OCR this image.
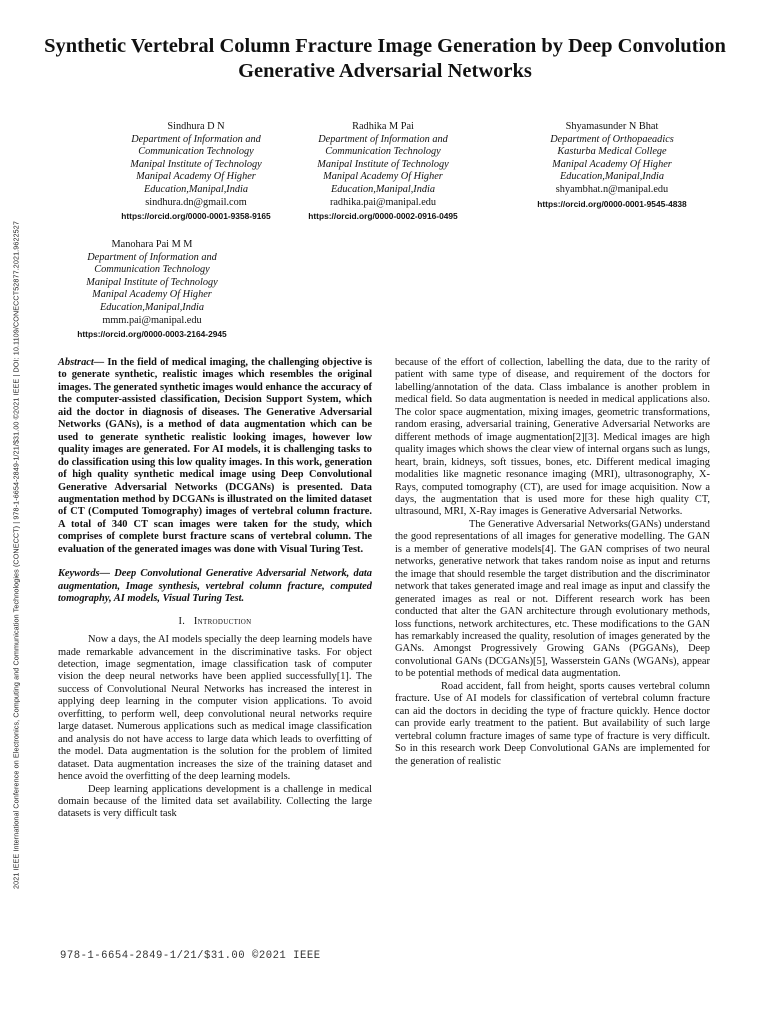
2021 IEEE International Conference on Electronics, Computing and Communication Technologies (CONECCT) | 978-1-6654-2849-1/21/$31.00 ©2021 IEEE | DOI: 10.1109/CONECCT52877.2021.9622527
Synthetic Vertebral Column Fracture Image Generation by Deep Convolution Generative Adversarial Networks
Sindhura D N
Department of Information and
Communication Technology
Manipal Institute of Technology
Manipal Academy Of Higher
Education,Manipal,India
sindhura.dn@gmail.com
https://orcid.org/0000-0001-9358-9165
Radhika M Pai
Department of Information and
Communication Technology
Manipal Institute of Technology
Manipal Academy Of Higher
Education,Manipal,India
radhika.pai@manipal.edu
https://orcid.org/0000-0002-0916-0495
Shyamasunder N Bhat
Department of Orthopaeadics
Kasturba Medical College
Manipal Academy Of Higher
Education,Manipal,India
shyambhat.n@manipal.edu
https://orcid.org/0000-0001-9545-4838
Manohara Pai M M
Department of Information and
Communication Technology
Manipal Institute of Technology
Manipal Academy Of Higher
Education,Manipal,India
mmm.pai@manipal.edu
https://orcid.org/0000-0003-2164-2945

Abstract— In the field of medical imaging, the challenging objective is to generate synthetic, realistic images which resembles the original images. The generated synthetic images would enhance the accuracy of the computer-assisted classification, Decision Support System, which aid the doctor in diagnosis of diseases. The Generative Adversarial Networks (GANs), is a method of data augmentation which can be used to generate synthetic realistic looking images, however low quality images are generated. For AI models, it is challenging tasks to do classification using this low quality images. In this work, generation of high quality synthetic medical image using Deep Convolutional Generative Adversarial Networks (DCGANs) is presented. Data augmentation method by DCGANs is illustrated on the limited dataset of CT (Computed Tomography) images of vertebral column fracture. A total of 340 CT scan images were taken for the study, which comprises of complete burst fracture scans of vertebral column. The evaluation of the generated images was done with Visual Turing Test.

Keywords— Deep Convolutional Generative Adversarial Network, data augmentation, Image synthesis, vertebral column fracture, computed tomography, AI models, Visual Turing Test.

I. Introduction

Now a days, the AI models specially the deep learning models have made remarkable advancement in the discriminative tasks. For object detection, image segmentation, image classification task of computer vision the deep neural networks have been applied successfully[1]. The success of Convolutional Neural Networks has increased the interest in applying deep learning in the computer vision applications. To avoid overfitting, to perform well, deep convolutional neural networks require large dataset. Numerous applications such as medical image classification and analysis do not have access to large data which leads to overfitting of the model. Data augmentation is the solution for the problem of limited dataset. Data augmentation increases the size of the training dataset and hence avoid the overfitting of the deep learning models.

Deep learning applications development is a challenge in medical domain because of the limited data set availability. Collecting the large datasets is very difficult task

because of the effort of collection, labelling the data, due to the rarity of patient with same type of disease, and requirement of the doctors for labelling/annotation of the data. Class imbalance is another problem in medical field. So data augmentation is needed in medical applications also. The color space augmentation, mixing images, geometric transformations, random erasing, adversarial training, Generative Adversarial Networks are different methods of image augmentation[2][3]. Medical images are high quality images which shows the clear view of internal organs such as lungs, heart, brain, kidneys, soft tissues, bones, etc. Different medical imaging modalities like magnetic resonance imaging (MRI), ultrasonography, X-Rays, computed tomography (CT), are used for image acquisition. Now a days, the augmentation that is used more for these high quality CT, ultrasound, MRI, X-Ray images is Generative Adversarial Networks.

The Generative Adversarial Networks(GANs) understand the good representations of all images for generative modelling. The GAN is a member of generative models[4]. The GAN comprises of two neural networks, generative network that takes random noise as input and returns the image that should resemble the target distribution and the discriminator network that takes generated image and real image as input and classify the generated images as real or not. Different research work has been conducted that alter the GAN architecture through evolutionary methods, loss functions, network architectures, etc. These modifications to the GAN has remarkably increased the quality, resolution of images generated by the GANs. Amongst Progressively Growing GANs (PGGANs), Deep convolutional GANs (DCGANs)[5], Wasserstein GANs (WGANs), appear to be potential methods of medical data augmentation.

Road accident, fall from height, sports causes vertebral column fracture. Use of AI models for classification of vertebral column fracture can aid the doctors in deciding the type of fracture quickly. Hence doctor can provide early treatment to the patient. But availability of such large vertebral column fracture images of same type of fracture is very difficult. So in this research work Deep Convolutional GANs are implemented for the generation of realistic

978-1-6654-2849-1/21/$31.00 ©2021 IEEE
